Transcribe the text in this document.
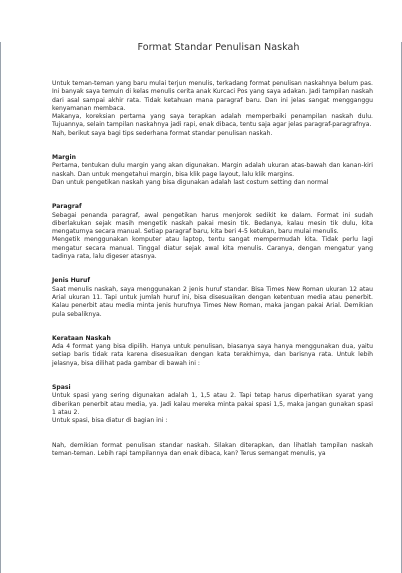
Format Standar Penulisan Naskah

Untuk teman-teman yang baru mulai terjun menulis, terkadang format penulisan naskahnya belum pas. Ini banyak saya temuin di kelas menulis cerita anak Kurcaci Pos yang saya adakan. Jadi tampilan naskah dari asal sampai akhir rata. Tidak ketahuan mana paragraf baru. Dan ini jelas sangat mengganggu kenyamanan membaca.

Makanya, koreksian pertama yang saya terapkan adalah memperbaiki penampilan naskah dulu. Tujuannya, selain tampilan naskahnya jadi rapi, enak dibaca, tentu saja agar jelas paragraf-paragrafnya.

Nah, berikut saya bagi tips sederhana format standar penulisan naskah.

Margin

Pertama, tentukan dulu margin yang akan digunakan. Margin adalah ukuran atas-bawah dan kanan-kiri naskah. Dan untuk mengetahui margin, bisa klik page layout, lalu klik margins.

Dan untuk pengetikan naskah yang bisa digunakan adalah last costum setting dan normal

Paragraf

Sebagai penanda paragraf, awal pengetikan harus menjorok sedikit ke dalam. Format ini sudah diberlakukan sejak masih mengetik naskah pakai mesin tik. Bedanya, kalau mesin tik dulu, kita mengaturnya secara manual. Setiap paragraf baru, kita beri 4-5 ketukan, baru mulai menulis.

Mengetik menggunakan komputer atau laptop, tentu sangat mempermudah kita. Tidak perlu lagi mengatur secara manual. Tinggal diatur sejak awal kita menulis. Caranya, dengan mengatur yang tadinya rata, lalu digeser atasnya.

Jenis Huruf

Saat menulis naskah, saya menggunakan 2 jenis huruf standar. Bisa Times New Roman ukuran 12 atau Arial ukuran 11. Tapi untuk jumlah huruf ini, bisa disesuaikan dengan ketentuan media atau penerbit. Kalau penerbit atau media minta jenis hurufnya Times New Roman, maka jangan pakai Arial. Demikian pula sebaliknya.

Kerataan Naskah

Ada 4 format yang bisa dipilih. Hanya untuk penulisan, biasanya saya hanya menggunakan dua, yaitu setiap baris tidak rata karena disesuaikan dengan kata terakhirnya, dan barisnya rata. Untuk lebih jelasnya, bisa dilihat pada gambar di bawah ini :

Spasi

Untuk spasi yang sering digunakan adalah 1, 1,5 atau 2. Tapi tetap harus diperhatikan syarat yang diberikan penerbit atau media, ya. Jadi kalau mereka minta pakai spasi 1,5, maka jangan gunakan spasi 1 atau 2.

Untuk spasi, bisa diatur di bagian ini :

Nah, demikian format penulisan standar naskah. Silakan diterapkan, dan lihatlah tampilan naskah teman-teman. Lebih rapi tampilannya dan enak dibaca, kan? Terus semangat menulis, ya
